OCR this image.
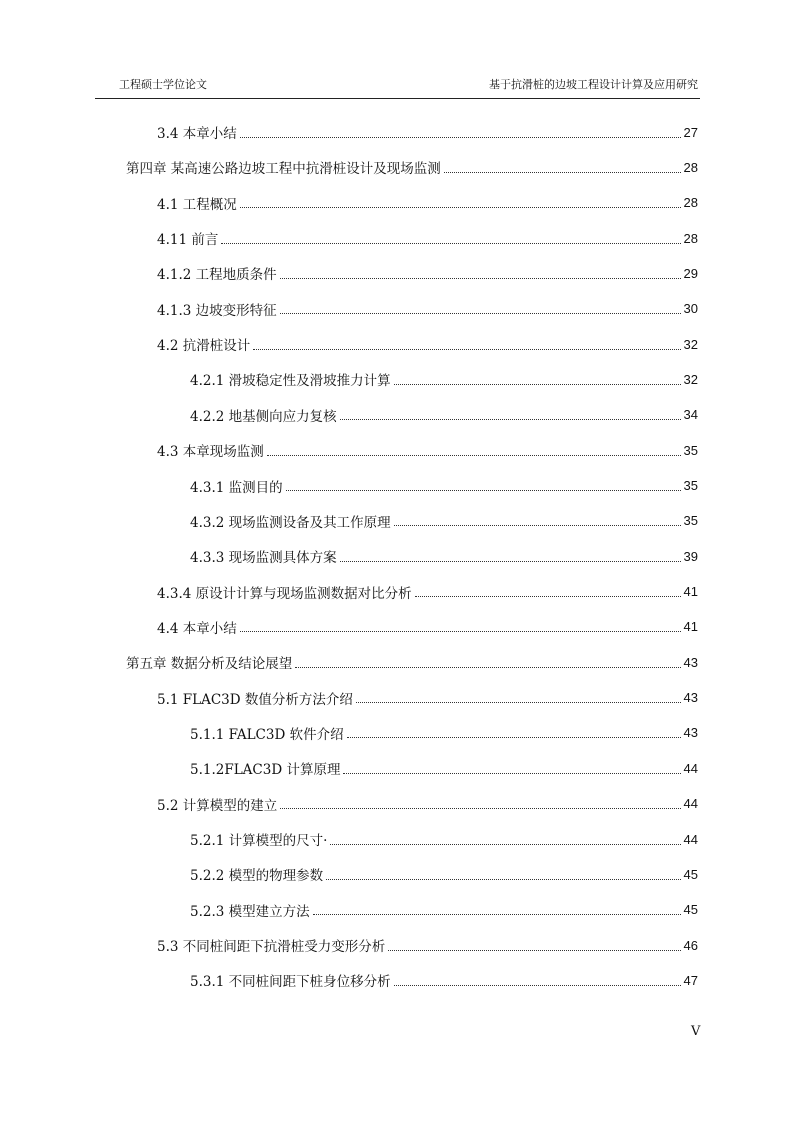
工程硕士学位论文	基于抗滑桩的边坡工程设计计算及应用研究
3.4 本章小结	27
第四章 某高速公路边坡工程中抗滑桩设计及现场监测	28
4.1 工程概况	28
4.11 前言	28
4.1.2 工程地质条件	29
4.1.3 边坡变形特征	30
4.2 抗滑桩设计	32
4.2.1 滑坡稳定性及滑坡推力计算	32
4.2.2 地基侧向应力复核	34
4.3 本章现场监测	35
4.3.1 监测目的	35
4.3.2 现场监测设备及其工作原理	35
4.3.3 现场监测具体方案	39
4.3.4 原设计计算与现场监测数据对比分析	41
4.4 本章小结	41
第五章 数据分析及结论展望	43
5.1 FLAC3D 数值分析方法介绍	43
5.1.1 FALC3D 软件介绍	43
5.1.2FLAC3D 计算原理	44
5.2 计算模型的建立	44
5.2.1 计算模型的尺寸·	44
5.2.2 模型的物理参数	45
5.2.3 模型建立方法	45
5.3 不同桩间距下抗滑桩受力变形分析	46
5.3.1 不同桩间距下桩身位移分析	47
V
